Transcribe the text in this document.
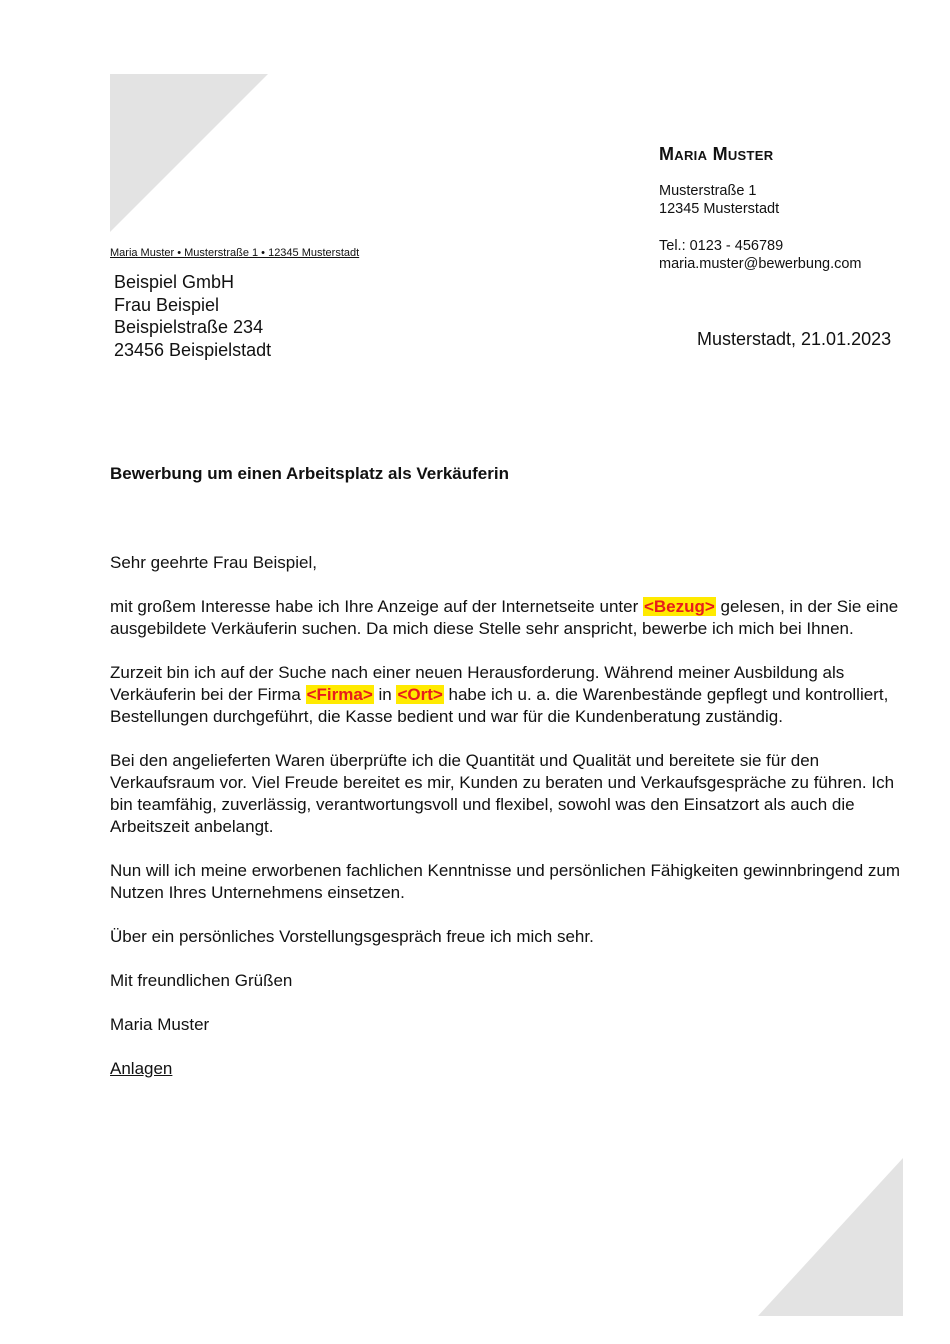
Maria Muster
Musterstraße 1
12345 Musterstadt
Tel.: 0123 - 456789
maria.muster@bewerbung.com
Maria Muster • Musterstraße 1 • 12345 Musterstadt
Beispiel GmbH
Frau Beispiel
Beispielstraße 234
23456 Beispielstadt
Musterstadt, 21.01.2023
Bewerbung um einen Arbeitsplatz als Verkäuferin

Sehr geehrte Frau Beispiel,

mit großem Interesse habe ich Ihre Anzeige auf der Internetseite unter <Bezug> gelesen, in der Sie eine ausgebildete Verkäuferin suchen. Da mich diese Stelle sehr anspricht, bewerbe ich mich bei Ihnen.

Zurzeit bin ich auf der Suche nach einer neuen Herausforderung. Während meiner Ausbildung als Verkäuferin bei der Firma <Firma> in <Ort> habe ich u. a. die Warenbestände gepflegt und kontrolliert, Bestellungen durchgeführt, die Kasse bedient und war für die Kundenberatung zuständig.

Bei den angelieferten Waren überprüfte ich die Quantität und Qualität und bereitete sie für den Verkaufsraum vor. Viel Freude bereitet es mir, Kunden zu beraten und Verkaufsgespräche zu führen. Ich bin teamfähig, zuverlässig, verantwortungsvoll und flexibel, sowohl was den Einsatzort als auch die Arbeitszeit anbelangt.

Nun will ich meine erworbenen fachlichen Kenntnisse und persönlichen Fähigkeiten gewinnbringend zum Nutzen Ihres Unternehmens einsetzen.

Über ein persönliches Vorstellungsgespräch freue ich mich sehr.

Mit freundlichen Grüßen

Maria Muster

Anlagen
